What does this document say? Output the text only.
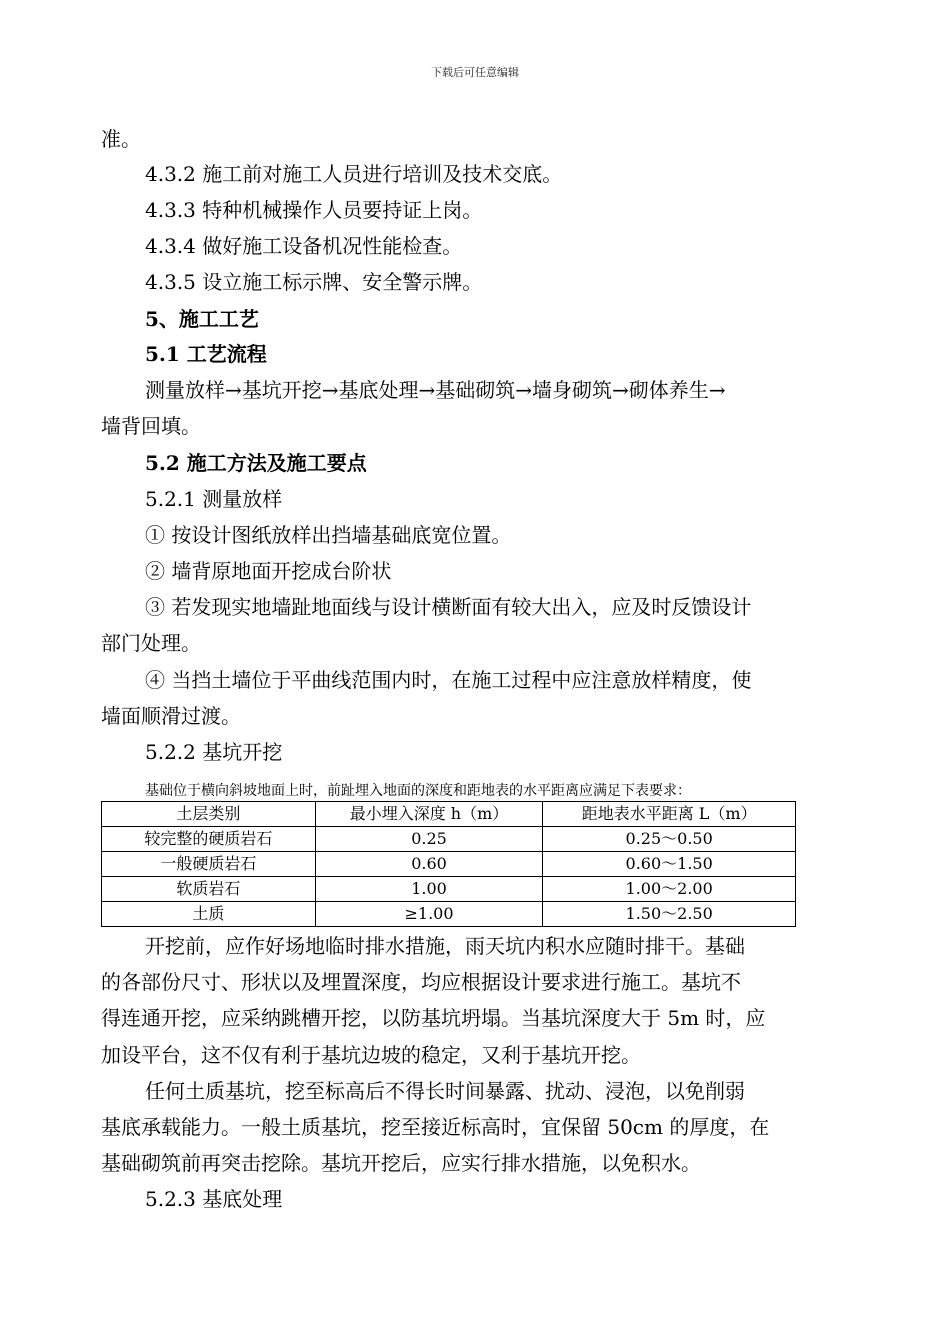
下载后可任意编辑
准。
4.3.2 施工前对施工人员进行培训及技术交底。
4.3.3 特种机械操作人员要持证上岗。
4.3.4 做好施工设备机况性能检查。
4.3.5 设立施工标示牌、安全警示牌。
5、施工工艺
5.1 工艺流程
测量放样→基坑开挖→基底处理→基础砌筑→墙身砌筑→砌体养生→
墙背回填。
5.2 施工方法及施工要点
5.2.1 测量放样
① 按设计图纸放样出挡墙基础底宽位置。
② 墙背原地面开挖成台阶状
③ 若发现实地墙趾地面线与设计横断面有较大出入，应及时反馈设计
部门处理。
④ 当挡土墙位于平曲线范围内时，在施工过程中应注意放样精度，使
墙面顺滑过渡。
5.2.2 基坑开挖
基础位于横向斜坡地面上时，前趾埋入地面的深度和距地表的水平距离应满足下表要求：
土层类别	最小埋入深度 h（m）	距地表水平距离 L（m）
较完整的硬质岩石	0.25	0.25～0.50
一般硬质岩石	0.60	0.60～1.50
软质岩石	1.00	1.00～2.00
土质	≥1.00	1.50～2.50
开挖前，应作好场地临时排水措施，雨天坑内积水应随时排干。基础
的各部份尺寸、形状以及埋置深度，均应根据设计要求进行施工。基坑不
得连通开挖，应采纳跳槽开挖，以防基坑坍塌。当基坑深度大于 5m 时，应
加设平台，这不仅有利于基坑边坡的稳定，又利于基坑开挖。
任何土质基坑，挖至标高后不得长时间暴露、扰动、浸泡，以免削弱
基底承载能力。一般土质基坑，挖至接近标高时，宜保留 50cm 的厚度，在
基础砌筑前再突击挖除。基坑开挖后，应实行排水措施，以免积水。
5.2.3 基底处理
